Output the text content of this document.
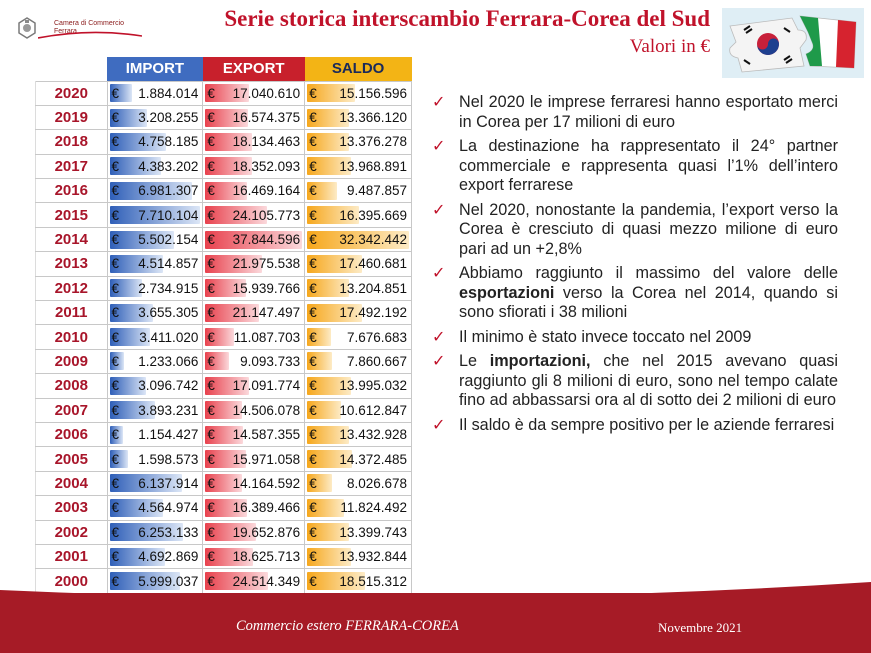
Camera di Commercio
Ferrara
Serie storica interscambio Ferrara-Corea del Sud
Valori in €
	IMPORT	EXPORT	SALDO
2020	€ 1.884.014	€ 17.040.610	€ 15.156.596

2019	€ 3.208.255	€ 16.574.375	€ 13.366.120

2018	€ 4.758.185	€ 18.134.463	€ 13.376.278

2017	€ 4.383.202	€ 18.352.093	€ 13.968.891

2016	€ 6.981.307	€ 16.469.164	€ 9.487.857

2015	€ 7.710.104	€ 24.105.773	€ 16.395.669

2014	€ 5.502.154	€ 37.844.596	€ 32.342.442

2013	€ 4.514.857	€ 21.975.538	€ 17.460.681

2012	€ 2.734.915	€ 15.939.766	€ 13.204.851

2011	€ 3.655.305	€ 21.147.497	€ 17.492.192

2010	€ 3.411.020	€ 11.087.703	€ 7.676.683

2009	€ 1.233.066	€ 9.093.733	€ 7.860.667

2008	€ 3.096.742	€ 17.091.774	€ 13.995.032

2007	€ 3.893.231	€ 14.506.078	€ 10.612.847

2006	€ 1.154.427	€ 14.587.355	€ 13.432.928

2005	€ 1.598.573	€ 15.971.058	€ 14.372.485

2004	€ 6.137.914	€ 14.164.592	€ 8.026.678

2003	€ 4.564.974	€ 16.389.466	€ 11.824.492

2002	€ 6.253.133	€ 19.652.876	€ 13.399.743

2001	€ 4.692.869	€ 18.625.713	€ 13.932.844

2000	€ 5.999.037	€ 24.514.349	€ 18.515.312
✓ Nel 2020 le imprese ferraresi hanno esportato merci in Corea per 17 milioni di euro
✓ La destinazione ha rappresentato il 24° partner commerciale e rappresenta quasi l’1% dell’intero export ferrarese
✓ Nel 2020, nonostante la pandemia, l’export verso la Corea è cresciuto di quasi mezzo milione di euro pari ad un +2,8%
✓ Abbiamo raggiunto il massimo del valore delle esportazioni verso la Corea nel 2014, quando si sono sfiorati i 38 milioni
✓ Il minimo è stato invece toccato nel 2009
✓ Le importazioni, che nel 2015 avevano quasi raggiunto gli 8 milioni di euro, sono nel tempo calate fino ad abbassarsi ora al di sotto dei 2 milioni di euro
✓ Il saldo è da sempre positivo per le aziende ferraresi
Commercio estero FERRARA-COREA	Novembre 2021
